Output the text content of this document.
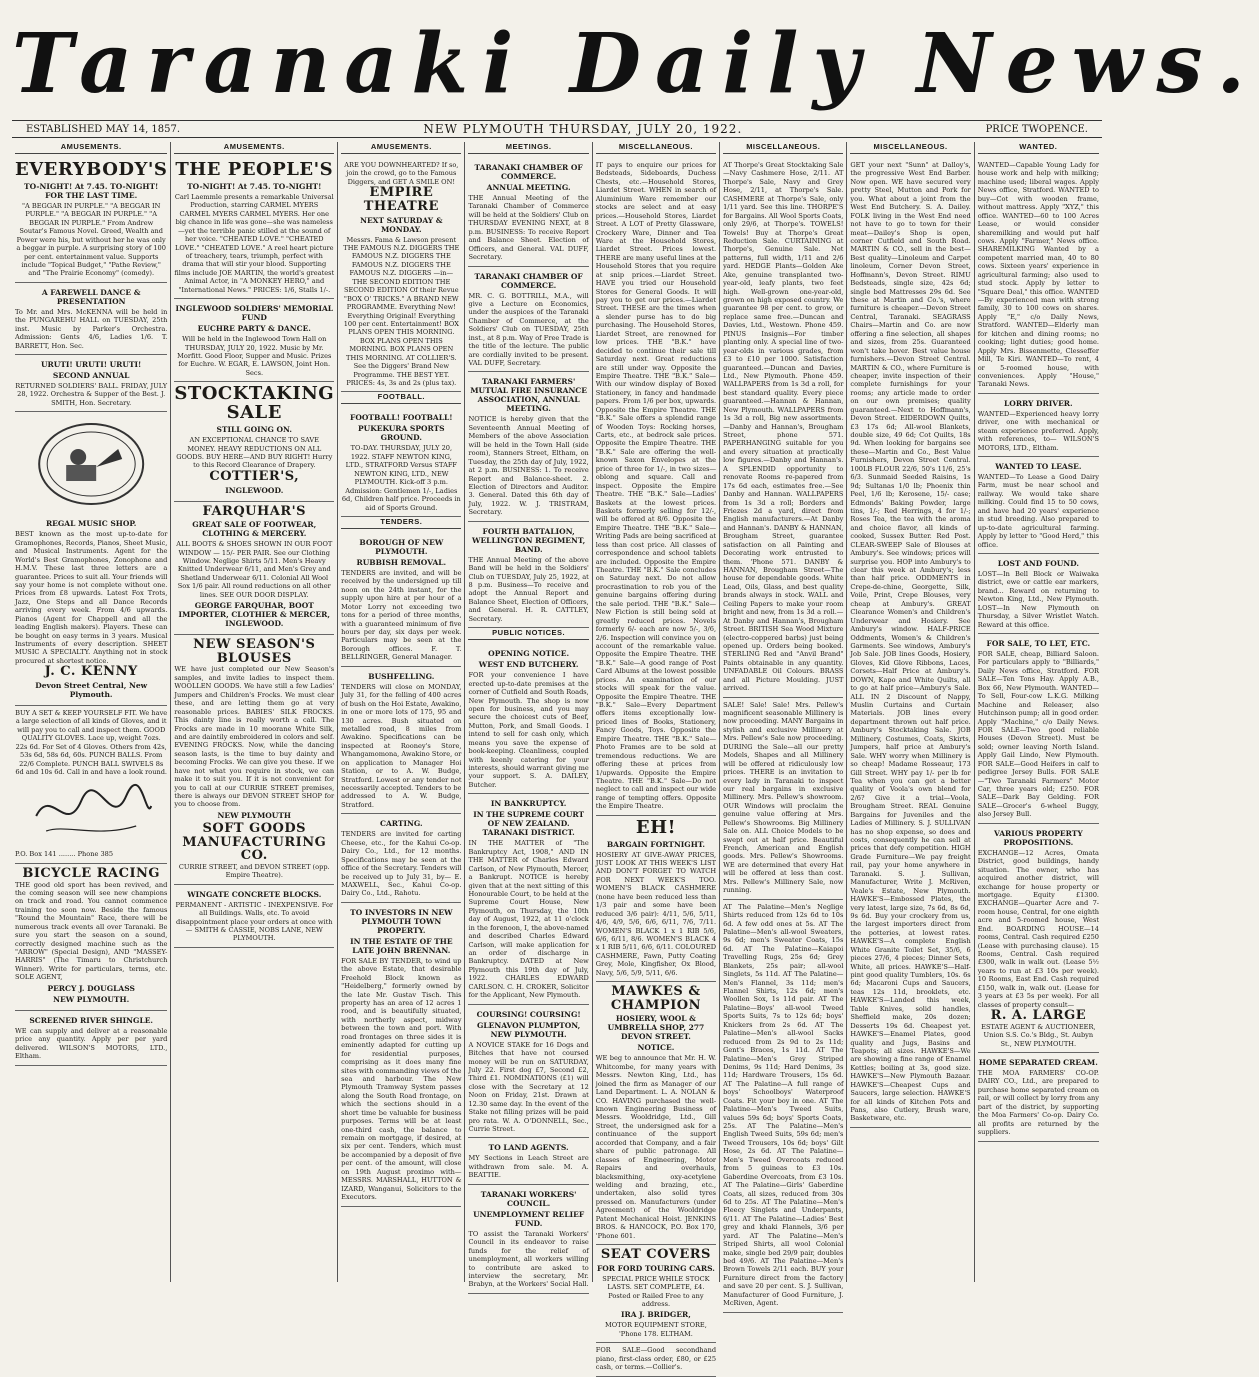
Taranaki Daily News.
ESTABLISHED MAY 14, 1857.	NEW PLYMOUTH THURSDAY, JULY 20, 1922.	PRICE TWOPENCE.
AMUSEMENTS.
EVERYBODY'S
TO-NIGHT! At 7.45. TO-NIGHT! FOR THE LAST TIME.
"A BEGGAR IN PURPLE." "A BEGGAR IN PURPLE." "A BEGGAR IN PURPLE." "A BEGGAR IN PURPLE." From Andrew Soutar's Famous Novel. Greed, Wealth and Power were his, but without her he was only a beggar in purple. A surprising story of 100 per cent. entertainment value. Supports include "Topical Budget," "Pathe Review," and "The Prairie Economy" (comedy).
A FAREWELL DANCE & PRESENTATION
To Mr. and Mrs. McKENNA will be held in the PUNGAREHU HALL on TUESDAY, 25th inst. Music by Parker's Orchestra. Admission: Gents 4/6, Ladies 1/6. T. BARRETT, Hon. Sec.
URUTI! URUTI! URUTI!
SECOND ANNUAL
RETURNED SOLDIERS' BALL. FRIDAY, JULY 28, 1922. Orchestra & Supper of the Best. J. SMITH, Hon. Secretary.
REGAL MUSIC SHOP.
BEST known as the most up-to-date for Gramophones, Records, Pianos, Sheet Music, and Musical Instruments. Agent for the World's Best Gramophones, Zonophone and H.M.V. These last three letters are a guarantee. Prices to suit all. Your friends will say your home is not complete without one. Prices from £8 upwards. Latest Fox Trots, Jazz, One Steps and all Dance Records arriving every week. From 4/6 upwards. Pianos (Agent for Chappell and all the leading English makers). Players. These can be bought on easy terms in 3 years. Musical Instruments of every description. SHEET MUSIC A SPECIALTY. Anything not in stock procured at shortest notice.
J. C. KENNY
Devon Street Central, New Plymouth.
BUY A SET & KEEP YOURSELF FIT. We have a large selection of all kinds of Gloves, and it will pay you to call and inspect them. GOOD QUALITY GLOVES. Lace up, weight 7ozs. 22s 6d. For Set of 4 Gloves. Others from 42s, 53s 6d, 58s 6d, 60s. PUNCH BALLS. From 22/6 Complete. PUNCH BALL SWIVELS 8s 6d and 10s 6d. Call in and have a look round.
P.O. Box 141 ........ Phone 385
BICYCLE RACING
THE good old sport has been revived, and the coming season will see new champions on track and road. You cannot commence training too soon now. Beside the famous "Round the Mountain" Race, there will be numerous track events all over Taranaki. Be sure you start the season on a sound, correctly designed machine such as the "ARROW" (Special Design), AND "MASSEY-HARRIS" (The Timaru to Christchurch Winner). Write for particulars, terms, etc. SOLE AGENT,
PERCY J. DOUGLASS
NEW PLYMOUTH.
SCREENED RIVER SHINGLE.
WE can supply and deliver at a reasonable price any quantity. Apply per per yard delivered. WILSON'S MOTORS, LTD., Eltham.
AMUSEMENTS.
THE PEOPLE'S
TO-NIGHT! At 7.45. TO-NIGHT!
Carl Laemmle presents a remarkable Universal Production, starring CARMEL MYERS CARMEL MYERS CARMEL MYERS. Her one big chance in life was gone—she was nameless—yet the terrible panic stilled at the sound of her voice. "CHEATED LOVE." "CHEATED LOVE." "CHEATED LOVE." A reel heart picture of treachery, tears, triumph, perfect with drama that will stir your blood. Supporting films include JOE MARTIN, the world's greatest Animal Actor, in "A MONKEY HERO," and "International News." PRICES: 1/6, Stalls 1/-.
INGLEWOOD SOLDIERS' MEMORIAL FUND
EUCHRE PARTY & DANCE.
Will be held in the Inglewood Town Hall on THURSDAY, JULY 20, 1922. Music by Mr. Morfitt. Good Floor, Supper and Music. Prizes for Euchre. W. EGAR, E. LAWSON, Joint Hon. Secs.
STOCKTAKING SALE
STILL GOING ON.
AN EXCEPTIONAL CHANCE TO SAVE MONEY. HEAVY REDUCTIONS ON ALL GOODS. BUY HERE—AND BUY RIGHT! Hurry to this Record Clearance of Drapery.
COTTIER'S,
INGLEWOOD.
FARQUHAR'S
GREAT SALE OF FOOTWEAR, CLOTHING & MERCERY.
ALL BOOTS & SHOES SHOWN IN OUR FOOT WINDOW — 15/- PER PAIR. See our Clothing Window. Neglige Shirts 5/11. Men's Heavy Knitted Underwear 6/11, and Men's Grey and Shetland Underwear 6/11. Colonial All Wool Sox 1/6 pair. All round reductions on all other lines. SEE OUR DOOR DISPLAY.
GEORGE FARQUHAR, BOOT IMPORTER, CLOTHIER & MERCER, INGLEWOOD.
NEW SEASON'S BLOUSES
WE have just completed our New Season's samples, and invite ladies to inspect them. WOOLLEN GOODS. We have still a few Ladies' Jumpers and Children's Frocks. We must clear these, and are letting them go at very reasonable prices. BABIES' SILK FROCKS. This dainty line is really worth a call. The Frocks are made in 10 moorane White Silk, and are daintily embroidered in colors and self. EVENING FROCKS. Now, while the dancing season lasts, is the time to buy dainty and becoming Frocks. We can give you these. If we have not what you require in stock, we can make it to suit you. If it is not convenient for you to call at our CURRIE STREET premises, there is always our DEVON STREET SHOP for you to choose from.
NEW PLYMOUTH
SOFT GOODS MANUFACTURING CO.
CURRIE STREET, and DEVON STREET (opp. Empire Theatre).
WINGATE CONCRETE BLOCKS.
PERMANENT - ARTISTIC - INEXPENSIVE. For all Buildings. Walls, etc. To avoid disappointment place your orders at once with— SMITH & CASSIE, NOBS LANE, NEW PLYMOUTH.
AMUSEMENTS.
ARE YOU DOWNHEARTED? If so, join the crowd, go to the Famous Diggers, and GET A SMILE ON!
EMPIRE THEATRE
NEXT SATURDAY & MONDAY.
Messrs. Fama & Lawson present THE FAMOUS N.Z. DIGGERS THE FAMOUS N.Z. DIGGERS THE FAMOUS N.Z. DIGGERS THE FAMOUS N.Z. DIGGERS —in— THE SECOND EDITION THE SECOND EDITION Of their Revue "BOX O' TRICKS." A BRAND NEW PROGRAMME. Everything New! Everything Original! Everything 100 per cent. Entertainment! BOX PLANS OPEN THIS MORNING. BOX PLANS OPEN THIS MORNING. BOX PLANS OPEN THIS MORNING. AT COLLIER'S. See the Diggers' Brand New Programme. THE BEST YET. PRICES: 4s, 3s and 2s (plus tax).
FOOTBALL.
FOOTBALL! FOOTBALL!
PUKEKURA SPORTS GROUND.
TO-DAY. THURSDAY, JULY 20, 1922. STAFF NEWTON KING, LTD., STRATFORD Versus STAFF NEWTON KING, LTD., NEW PLYMOUTH. Kick-off 3 p.m. Admission: Gentlemen 1/-, Ladies 6d, Children half price. Proceeds in aid of Sports Ground.
TENDERS.
BOROUGH OF NEW PLYMOUTH.
RUBBISH REMOVAL.
TENDERS are invited, and will be received by the undersigned up till noon on the 24th instant, for the supply upon hire at per hour of a Motor Lorry not exceeding two tons for a period of three months, with a guaranteed minimum of five hours per day, six days per week. Particulars may be seen at the Borough offices. F. T. BELLRINGER, General Manager.
BUSHFELLING.
TENDERS will close on MONDAY, July 31, for the felling of 400 acres of bush on the Hoi Estate, Awakino, in one or more lots of 175, 95 and 130 acres. Bush situated on metalled road, 8 miles from Awakino. Specifications can be inspected at Rooney's Store, Whangamomona, Awakino Store, or on application to Manager Hoi Station, or to A. W. Budge, Stratford. Lowest or any tender not necessarily accepted. Tenders to be addressed to A. W. Budge, Stratford.
CARTING.
TENDERS are invited for carting Cheese, etc., for the Kahui Co-op. Dairy Co., Ltd., for 12 months. Specifications may be seen at the office of the Secretary. Tenders will be received up to July 31, by— E. MAXWELL, Sec., Kahui Co-op. Dairy Co., Ltd., Rahotu.
TO INVESTORS IN NEW PLYMOUTH TOWN PROPERTY.
IN THE ESTATE OF THE LATE JOHN BRENNAN.
FOR SALE BY TENDER, to wind up the above Estate, that desirable Freehold Block known as "Heidelberg," formerly owned by the late Mr. Gustav Tisch. This property has an area of 12 acres 1 rood, and is beautifully situated, with northerly aspect, midway between the town and port. With road frontages on three sides it is eminently adapted for cutting up for residential purposes, comprising as it does many fine sites with commanding views of the sea and harbour. The New Plymouth Tramway System passes along the South Road frontage, on which the sections should in a short time be valuable for business purposes. Terms will be at least one-third cash, the balance to remain on mortgage, if desired, at six per cent. Tenders, which must be accompanied by a deposit of five per cent. of the amount, will close on 19th August proximo with— MESSRS. MARSHALL, HUTTON & IZARD, Wanganui, Solicitors to the Executors.
MEETINGS.
TARANAKI CHAMBER OF COMMERCE.
ANNUAL MEETING.
THE Annual Meeting of the Taranaki Chamber of Commerce will be held at the Soldiers' Club on THURSDAY EVENING NEXT, at 8 p.m. BUSINESS: To receive Report and Balance Sheet. Election of Officers, and General. VAL DUFF, Secretary.
TARANAKI CHAMBER OF COMMERCE.
MR. C. G. BOTTRILL, M.A., will give a Lecture on Economics, under the auspices of the Taranaki Chamber of Commerce, at the Soldiers' Club on TUESDAY, 25th inst., at 8 p.m. Way of Free Trade is the title of the lecture. The public are cordially invited to be present. VAL DUFF, Secretary.
TARANAKI FARMERS' MUTUAL FIRE INSURANCE ASSOCIATION, ANNUAL MEETING.
NOTICE is hereby given that the Seventeenth Annual Meeting of Members of the above Association will be held in the Town Hall (side room), Stanners Street, Eltham, on Tuesday, the 25th day of July, 1922, at 2 p.m. BUSINESS: 1. To receive Report and Balance-sheet. 2. Election of Directors and Auditor. 3. General. Dated this 6th day of July, 1922. W. J. TRISTRAM, Secretary.
FOURTH BATTALION, WELLINGTON REGIMENT, BAND.
THE Annual Meeting of the above Band will be held in the Soldiers' Club on TUESDAY, July 25, 1922, at 8 p.m. Business—To receive and adopt the Annual Report and Balance Sheet, Election of Officers, and General. H. R. CATTLEY, Secretary.
PUBLIC NOTICES.
OPENING NOTICE.
WEST END BUTCHERY.
FOR your convenience I have erected up-to-date premises at the corner of Cutfield and South Roads, New Plymouth. The shop is now open for business, and you may secure the choicest cuts of Beef, Mutton, Pork, and Small Goods. I intend to sell for cash only, which means you save the expense of book-keeping. Cleanliness, coupled with keenly catering for your interests, should warrant giving me your support. S. A. DAILEY, Butcher.
IN BANKRUPTCY.
IN THE SUPREME COURT OF NEW ZEALAND. TARANAKI DISTRICT.
IN THE MATTER of "The Bankruptcy Act, 1908," AND IN THE MATTER of Charles Edward Carlson, of New Plymouth, Mercer, a Bankrupt. NOTICE is hereby given that at the next sitting of this Honourable Court, to be held at the Supreme Court House, New Plymouth, on Thursday, the 10th day of August, 1922, at 11 o'clock in the forenoon, I, the above-named and described Charles Edward Carlson, will make application for an order of discharge in Bankruptcy. DATED at New Plymouth this 19th day of July, 1922. CHARLES EDWARD CARLSON. C. H. CROKER, Solicitor for the Applicant, New Plymouth.
COURSING! COURSING!
GLENAVON PLUMPTON, NEW PLYMOUTH.
A NOVICE STAKE for 16 Dogs and Bitches that have not coursed money will be run on SATURDAY, July 22. First dog £7, Second £2, Third £1. NOMINATIONS (£1) will close with the Secretary at 12 Noon on Friday, 21st. Drawn at 12.30 same day. In the event of the Stake not filling prizes will be paid pro rata. W. A. O'DONNELL, Sec., Currie Street.
TO LAND AGENTS.
MY Sections in Leach Street are withdrawn from sale. M. A. BEATTIE.
TARANAKI WORKERS' COUNCIL.
UNEMPLOYMENT RELIEF FUND.
TO assist the Taranaki Workers' Council in its endeavor to raise funds for the relief of unemployment, all workers willing to contribute are asked to interview the secretary, Mr. Brabyn, at the Workers' Social Hall.
MISCELLANEOUS.
IT pays to enquire our prices for Bedsteads, Sideboards, Duchess Chests, etc.—Household Stores, Liardet Street. WHEN in search of Aluminium Ware remember our stocks are select and at easy prices.—Household Stores, Liardet Street. A LOT of Pretty Glassware, Crockery Ware, Dinner and Tea Ware at the Household Stores, Liardet Street. Prices lowest. THERE are many useful lines at the Household Stores that you require at snip prices.—Liardet Street. HAVE you tried our Household Stores for General Goods. It will pay you to get our prices.—Liardet Street. THESE are the times when a slender purse has to do big purchasing. The Household Stores, Liardet Street, are renowned for low prices. THE "B.K." have decided to continue their sale till Saturday next. Great reductions are still under way. Opposite the Empire Theatre. THE "B.K." Sale—With our window display of Boxed Stationery, in fancy and handmade papers. From 1/6 per box, upwards. Opposite the Empire Theatre. THE "B.K." Sale offers a splendid range of Wooden Toys: Rocking horses, Carts, etc., at bedrock sale prices. Opposite the Empire Theatre. THE "B.K." Sale are offering the well-known Saxon Envelopes at the price of three for 1/-, in two sizes—oblong and square. Call and inspect. Opposite the Empire Theatre. THE "B.K." Sale—Ladies' Baskets at the lowest prices. Baskets formerly selling for 12/-, will be offered at 8/6. Opposite the Empire Theatre. THE "B.K." Sale—Writing Pads are being sacrificed at less than cost price. All classes of correspondence and school tablets are included. Opposite the Empire Theatre. THE "B.K." Sale concludes on Saturday next. Do not allow procrastination to rob you of the genuine bargains offering during the sale period. THE "B.K." Sale—New Fiction is still being sold at greatly reduced prices. Novels formerly 6/- each are now 5/-, 3/6, 2/6. Inspection will convince you on account of the remarkable value. Opposite the Empire Theatre. THE "B.K." Sale—A good range of Post Card Albums at the lowest possible prices. An examination of our stocks will speak for the value. Opposite the Empire Theatre. THE "B.K." Sale—Every Department offers items exceptionally low-priced lines of Books, Stationery, Fancy Goods, Toys. Opposite the Empire Theatre. THE "B.K." Sale—Photo Frames are to be sold at tremendous reductions. We are offering these at prices from 1/upwards. Opposite the Empire Theatre. THE "B.K." Sale—Do not neglect to call and inspect our wide range of tempting offers. Opposite the Empire Theatre.
EH!
BARGAIN FORTNIGHT.
HOSIERY AT GIVE-AWAY PRICES, JUST LOOK AT THIS WEEK'S LIST AND DON'T FORGET TO WATCH FOR NEXT WEEK'S TOO. WOMEN'S BLACK CASHMERE (none have been reduced less than 1/3 pair and some have been reduced 3/6 pair): 4/11, 5/6, 5/11, 4/6, 4/9, 5/6, 6/6, 6/11, 7/6, 7/11. WOMEN'S BLACK 1 x 1 RIB 5/6, 6/6, 6/11, 8/6. WOMEN'S BLACK 4 x 1 RIB 5/11, 6/6, 6/11. COLOURED CASHMERE, Fawn, Putty Coating Grey, Mole, Kingfisher, Ox Blood, Navy, 5/6, 5/9, 5/11, 6/6.
MAWKES & CHAMPION
HOSIERY, WOOL & UMBRELLA SHOP, 277 DEVON STREET.
NOTICE.
WE beg to announce that Mr. H. W. Whitcombe, for many years with Messrs. Newton King, Ltd., has joined the firm as Manager of our Land Department. L. A. NOLAN & CO. HAVING purchased the well-known Engineering Business of Messrs. Wooldridge, Ltd., Gill Street, the undersigned ask for a continuance of the support accorded that Company, and a fair share of public patronage. All classes of Engineering, Motor Repairs and overhauls, blacksmithing, oxy-acetylene welding and brazing, etc., undertaken, also solid tyres pressed on. Manufacturers (under Agreement) of the Wooldridge Patent Mechanical Hoist. JENKINS BROS. & HANCOCK, P.O. Box 170, 'Phone 601.
SEAT COVERS
FOR FORD TOURING CARS.
SPECIAL PRICE WHILE STOCK LASTS. SET COMPLETE, £4. Posted or Railed Free to any address.
IRA J. BRIDGER,
MOTOR EQUIPMENT STORE, 'Phone 178. ELTHAM.
FOR SALE—Good secondhand piano, first-class order, £80, or £25 cash, or terms.—Collier's.
MISCELLANEOUS.
AT Thorpe's Great Stocktaking Sale—Navy Cashmere Hose, 2/11. AT Thorpe's Sale, Navy and Grey Hose, 2/11, at Thorpe's Sale. CASHMERE at Thorpe's Sale, only 1/11 yard. See this line. THORPE'S for Bargains. All Wool Sports Coats, only 29/6, at Thorpe's. TOWELS! Towels! Buy at Thorpe's Great Reduction Sale. CURTAINING at Thorpe's, Genuine Sale. Net patterns, full width, 1/11 and 2/6 yard. HEDGE Plants—Golden Ake Ake, genuine transplanted two-year-old, leafy plants, two feet high. Well-grown one-year-old, grown on high exposed country. We guarantee 98 per cent. to grow, or replace same free.—Duncan and Davies, Ltd., Westown. Phone 459. PINUS Insignis—For timber planting only. A special line of two-year-olds in various grades, from £3 to £10 per 1000. Satisfaction guaranteed.—Duncan and Davies, Ltd., New Plymouth. Phone 459. WALLPAPERS from 1s 3d a roll, for best standard quality. Every piece guaranteed.—Hannan & Hannan, New Plymouth. WALLPAPERS from 1s 3d a roll, Big new assortments.—Danby and Hannan's, Brougham Street, phone 571. PAPERHANGING suitable for you and every situation at practically low figures.—Danby and Hannan's. A SPLENDID opportunity to renovate Rooms re-papered from 17s 6d each, estimates free.—See Danby and Hannan. WALLPAPERS from 1s 3d a roll; Borders and Friezes 2d a yard, direct from English manufacturers.—At Danby and Hannan's. DANBY & HANNAN, Brougham Street, guarantee satisfaction on all Painting and Decorating work entrusted to them. 'Phone 571. DANBY & HANNAN, Brougham Street—The house for dependable goods. White Lead, Oils, Glass, and best quality brands always in stock. WALL and Ceiling Papers to make your room bright and new, from 1s 3d a roll.—At Danby and Hannan's, Brougham Street. BRITISH Sea Wood Mixture (electro-coppered barbs) just being opened up. Orders being booked. STERLING Red and "Anvil Brand" Paints obtainable in any quantity. UNFADABLE Oil Colours. BRASS and all Picture Moulding. JUST arrived.
SALE! Sale! Sale! Mrs. Pellew's magnificent seasonable Millinery is now proceeding. MANY Bargains in stylish and exclusive Millinery at Mrs. Pellew's Sale now proceeding. DURING the Sale—all our pretty Models, Shapes and all Millinery will be offered at ridiculously low prices. THERE is an invitation to every lady in Taranaki to inspect our real bargains in exclusive Millinery. Mrs. Pellew's showroom. OUR Windows will proclaim the genuine value offering at Mrs. Pellew's Showrooms. Big Millinery Sale on. ALL Choice Models to be swept out at half price. Beautiful French, American and English goods. Mrs. Pellew's Showrooms. WE are determined that every Hat will be offered at less than cost. Mrs. Pellew's Millinery Sale, now running.
AT The Palatine—Men's Neglige Shirts reduced from 12s 6d to 10s 6d. A few odd ones at 5s. AT The Palatine—Men's all-wool Sweaters, 9s 6d; men's Sweater Coats, 15s 6d. AT The Palatine—Kaiapoi Travelling Rugs, 25s 6d; Grey Blankets, 25s pair; all-wool Singlets, 5s 11d. AT The Palatine—Men's Flannel, 3s 11d; men's Flannel Shirts, 12s 6d; men's Woollen Sox, 1s 11d pair. AT The Palatine—Boys' all-wool Tweed Sports Suits, 7s to 12s 6d; boys' Knickers from 2s 6d. AT The Palatine—Men's all-wool Sacks reduced from 2s 9d to 2s 11d; Gent's Braces, 1s 11d. AT The Palatine—Men's Grey Striped Denims, 9s 11d; Hard Denims, 3s 11d; Hardware Trousers, 15s 6d. AT The Palatine—A full range of boys' Schoolboys' Waterproof Coats. Fit your boy in one. AT The Palatine—Men's Tweed Suits, values 59s 6d; boys' Sports Coats, 25s. AT The Palatine—Men's English Tweed Suits, 59s 6d; men's Tweed Trousers, 10s 6d; boys' Gilt Hose, 2s 6d. AT The Palatine—Men's Tweed Overcoats reduced from 5 guineas to £3 10s. Gaberdine Overcoats, from £3 10s. AT The Palatine—Girls' Gaberdine Coats, all sizes, reduced from 30s 6d to 25s. AT The Palatine—Men's Fleecy Singlets and Underpants, 6/11. AT The Palatine—Ladies' Best grey and khaki Flannels, 3/6 per yard. AT The Palatine—Men's Striped Shirts, all wool Colonial make, single bed 29/9 pair, doubles bed 49/6. AT The Palatine—Men's Brown Towels 2/11 each. BUY your Furniture direct from the factory and save 20 per cent. S. J. Sullivan, Manufacturer of Good Furniture, J. McRiven, Agent.
MISCELLANEOUS.
GET your next "Sunn" at Dalloy's, the progressive West End Barber. Now open. WE have secured very pretty Steel, Mutton and Pork for you. What about a joint from the West End Butchery. S. A. Dailey. FOLK living in the West End need not have to go to town for their meat—Dailey's Shop is open, corner Cutfield and South Road. MARTIN & CO., sell in the best—Best quality—Linoleum and Carpet linoleum, Corner Devon Street, Hoffmann's, Devon Street. RIMU Bedsteads, single size, 42s 6d; single bed Mattresses 29s 6d. See these at Martin and Co.'s, where furniture is cheaper.—Devon Street Central, Taranaki. SEAGRASS Chairs—Martin and Co. are now offering a fine selection, all shapes and sizes, from 25s. Guaranteed won't take hover. Best value house furnishers.—Devon Street Central. MARTIN & CO., where Furniture is cheaper, invite inspection of their complete furnishings for your rooms; any article made to order on our own premises; quality guaranteed.—Next to Hoffmann's, Devon Street. EIDERDOWN Quilts, £3 17s 6d; All-wool Blankets, double size, 49 6d; Cot Quilts, 18s 9d. When looking for bargains see these—Martin and Co., Best Value Furnishers, Devon Street Central. 100LB FLOUR 22/6, 50's 11/6, 25's 6/3. Sunmaid Seeded Raisins, 1s 9d; Sultanas 1/0 lb; Phoenix thin Peel, 1/6 lb; Kerosene, 15/- case; Edmonds' Baking Powder, large tins, 1/-; Red Herrings, 4 for 1/-; Roses Tea, the tea with the aroma and choice flavor, all kinds of cooked, Sussex Butter. Red Post. CLEAR-SWEEP Sale of Blouses at Ambury's. See windows; prices will surprise you. HOP into Ambury's to clear this week at Ambury's; less than half price. ODDMENTS in Crepe-de-chine, Georgette, Silk, Voile, Print, Crepe Blouses, very cheap at Ambury's. GREAT Clearance Women's and Children's Underwear and Hosiery. See Ambury's window. HALF-PRICE Oddments, Women's & Children's Garments. See windows, Ambury's Job Sale. JOB lines Goods, Hosiery, Gloves, Kid Glove Ribbons, Laces, Corsets—Half Price at Ambury's. DOWN, Kapo and White Quilts, all to go at half price—Ambury's Sale. ALL IN 2 Discount of Nappy, Muslin Curtains and Curtain Materials. JOB lines every department thrown out half price. Ambury's Stocktaking Sale. JOB Millinery, Costumes, Coats, Skirts, Jumpers, half price at Ambury's Sale. WHY worry when Millinery is so cheap! Madame Rosseaur, 173 Gill Street. WHY pay 1/- per lb for Tea when you can get a better quality of Voola's own blend for 2/6? Give it a trial—Voola, Brougham Street. REAL Genuine Bargains for Juveniles and the Ladies of Millinery. S. J. SULLIVAN has no shop expense, so does and costs, consequently he can sell at prices that defy competition. HIGH Grade Furniture—We pay freight rail, pay your home anywhere in Taranaki. S. J. Sullivan, Manufacturer, Write J. McRiven, Veale's Estate, New Plymouth. HAWKE'S—Embossed Plates, the very latest, large size, 7s 6d, 8s 6d, 9s 6d. Buy your crockery from us, the largest importers direct from the potteries, at lowest rates. HAWKE'S—A complete English White Granite Toilet Set, 35/6, 6 pieces 27/6, 4 pieces; Dinner Sets, White, all prices. HAWKE'S—Half-pint good quality Tumblers, 10s. 6s 6d; Macaroni Cups and Saucers, teas 12s 11d, brooklets, etc. HAWKE'S—Landed this week, Table Knives, solid handles, Sheffield make, 20s dozen; Desserts 19s 6d. Cheapest yet. HAWKE'S—Enamel Plates, good quality and Jugs, Basins and Teapots; all sizes. HAWKE'S—We are showing a fine range of Enamel Kettles; boiling at 3s, good size. HAWKE'S—New Plymouth Bazaar. HAWKE'S—Cheapest Cups and Saucers, large selection. HAWKE'S for all kinds of Kitchen Pots and Pans, also Cutlery, Brush ware, Basketware, etc.
WANTED.
WANTED—Capable Young Lady for house work and help with milking; machine used; liberal wages. Apply News office, Stratford. WANTED to buy—Cot with wooden frame, without mattress. Apply "XYZ," this office. WANTED—60 to 100 Acres Lease, or would consider sharemilking and would put half cows. Apply "Farmer," News office. SHAREMILKING Wanted by a competent married man, 40 to 80 cows. Sixteen years' experience in agricultural farming; also used to stud stock. Apply by letter to "Square Deal," this office. WANTED—By experienced man with strong family, 30 to 100 cows on shares. Apply "E," c/o Daily News, Stratford. WANTED—Elderly man for kitchen and dining rooms; no cooking; light duties; good home. Apply Mrs. Bissenmette, Clesseffer Mill, Te Kiri. WANTED—To rent, 4 or 5-roomed house, with conveniences. Apply "House," Taranaki News.
LORRY DRIVER.
WANTED—Experienced heavy lorry driver, one with mechanical or steam experience preferred. Apply, with references, to— WILSON'S MOTORS, LTD., Eltham.
WANTED TO LEASE.
WANTED—To Lease a Good Dairy Farm, must be near school and railway. We would take share milking. Could find 15 to 50 cows, and have had 20 years' experience in stud breeding. Also prepared to up-to-date agricultural farming. Apply by letter to "Good Herd," this office.
LOST AND FOUND.
LOST—In Bell Block or Waiwaka district, ewe or cattle ear markers, brand... Reward on returning to Newton King, Ltd., New Plymouth. LOST—In New Plymouth on Thursday, a Silver Wristlet Watch. Reward at this office.
FOR SALE, TO LET, ETC.
FOR SALE, cheap, Billiard Saloon. For particulars apply to "Billiards," Daily News office, Stratford. FOR SALE—Ten Tons Hay. Apply A.B., Box 66, New Plymouth. WANTED—To Sell, Four-cow L.K.G. Milking Machine and Releaser, also Hutchinson pump; all in good order. Apply "Machine," c/o Daily News. FOR SALE—Two good reliable Houses (Devon Street). Must be sold; owner leaving North Island. Apply Gail Lindo, New Plymouth. FOR SALE—Good Heifers in calf to pedigree Jersey Bulls. FOR SALE—"Two Taranaki Farmers" Motor Car, three years old; £250. FOR SALE—Dark Bay Gelding. FOR SALE—Grocer's 6-wheel Buggy, also Jersey Bull.
VARIOUS PROPERTY PROPOSITIONS.
EXCHANGE—12 Acres, Omata District, good buildings, handy situation. The owner, who has acquired another district, will exchange for house property or mortgage. Equity £1300. EXCHANGE—Quarter Acre and 7-room house, Central, for one eighth acre and 5-roomed house, West End. BOARDING HOUSE—14 rooms, Central. Cash required £250 (Lease with purchasing clause). 15 Rooms, Central. Cash required £300, walk in walk out. (Lease 5½ years to run at £3 10s per week). 10 Rooms, East End. Cash required £150, walk in, walk out. (Lease for 3 years at £3 5s per week). For all classes of property consult—
R. A. LARGE
ESTATE AGENT & AUCTIONEER, Union S.S. Co.'s Bldg., St. Aubyn St., NEW PLYMOUTH.
HOME SEPARATED CREAM.
THE MOA FARMERS' CO-OP. DAIRY CO., Ltd., are prepared to purchase home separated cream on rail, or will collect by lorry from any part of the district, by supporting the Moa Farmers' Co-op. Dairy Co. all profits are returned by the suppliers.
